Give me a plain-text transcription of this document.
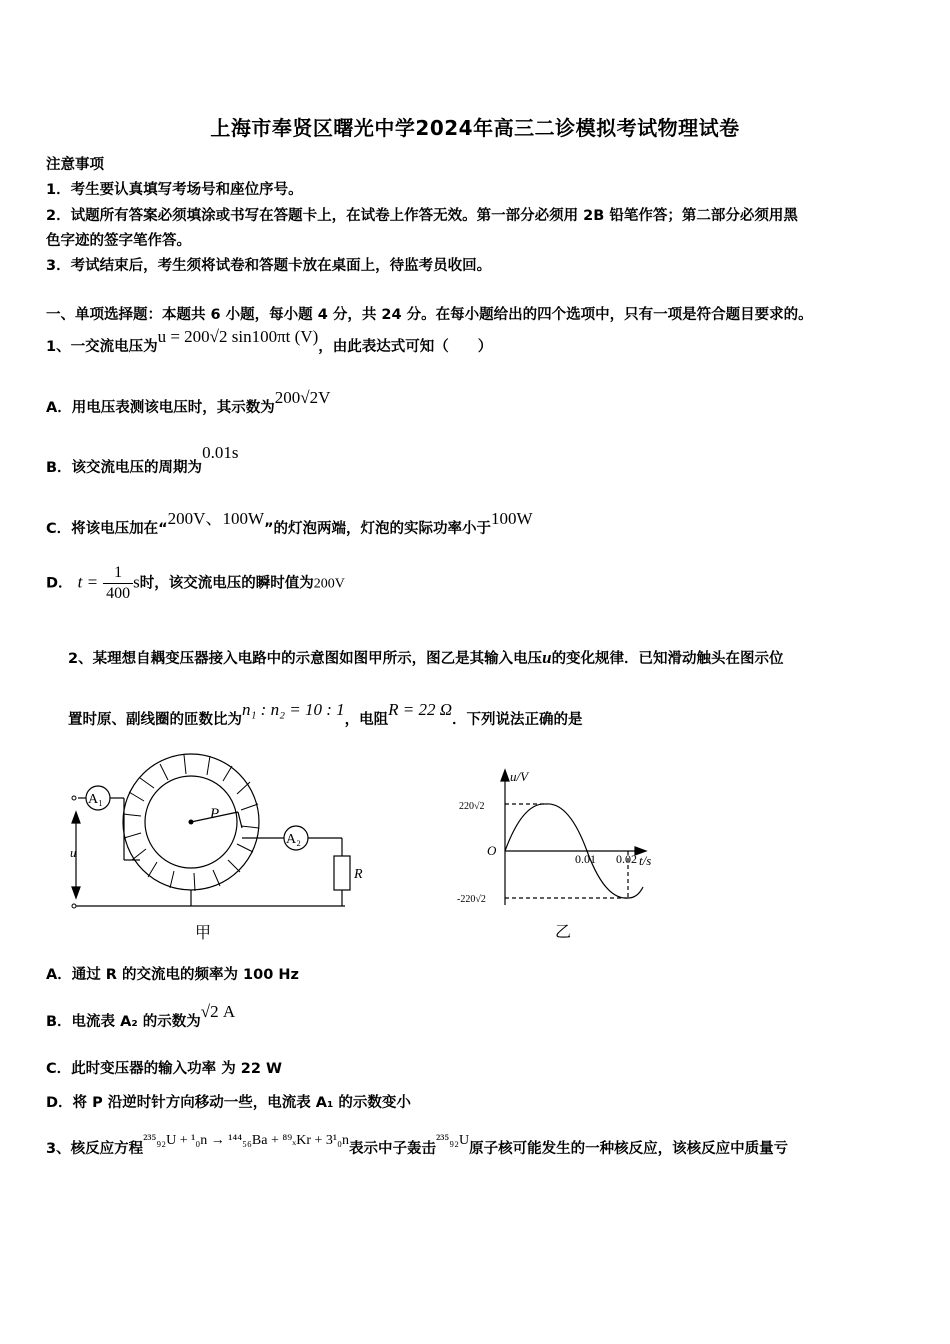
上海市奉贤区曙光中学2024年高三二诊模拟考试物理试卷
注意事项
1．考生要认真填写考场号和座位序号。
2．试题所有答案必须填涂或书写在答题卡上，在试卷上作答无效。第一部分必须用 2B 铅笔作答；第二部分必须用黑
色字迹的签字笔作答。
3．考试结束后，考生须将试卷和答题卡放在桌面上，待监考员收回。
一、单项选择题：本题共 6 小题，每小题 4 分，共 24 分。在每小题给出的四个选项中，只有一项是符合题目要求的。
1、一交流电压为u = 200√2 sin100πt (V)，由此表达式可知（　　）
A．用电压表测该电压时，其示数为200√2V
B．该交流电压的周期为0.01s
C．将该电压加在“200V、100W”的灯泡两端，灯泡的实际功率小于100W
D． $t = \frac{1}{400}$ s时，该交流电压的瞬时值为200V
2、某理想自耦变压器接入电路中的示意图如图甲所示，图乙是其输入电压u的变化规律．已知滑动触头在图示位
置时原、副线圈的匝数比为n₁ : n₂ = 10 : 1，电阻R = 22 Ω．下列说法正确的是
A₁
A₂
P
u
R
甲
u/V
t/s
O
220√2
-220√2
0.01 0.02
乙
A．通过 R 的交流电的频率为 100 Hz
B．电流表 A₂ 的示数为√2 A
C．此时变压器的输入功率 为 22 W
D．将 P 沿逆时针方向移动一些，电流表 A₁ 的示数变小
3、核反应方程²³⁵₉₂U + ¹₀n → ¹⁴⁴₅₆Ba + ⁸⁹ₓKr + 3¹₀n表示中子轰击²³⁵₉₂U原子核可能发生的一种核反应，该核反应中质量亏
